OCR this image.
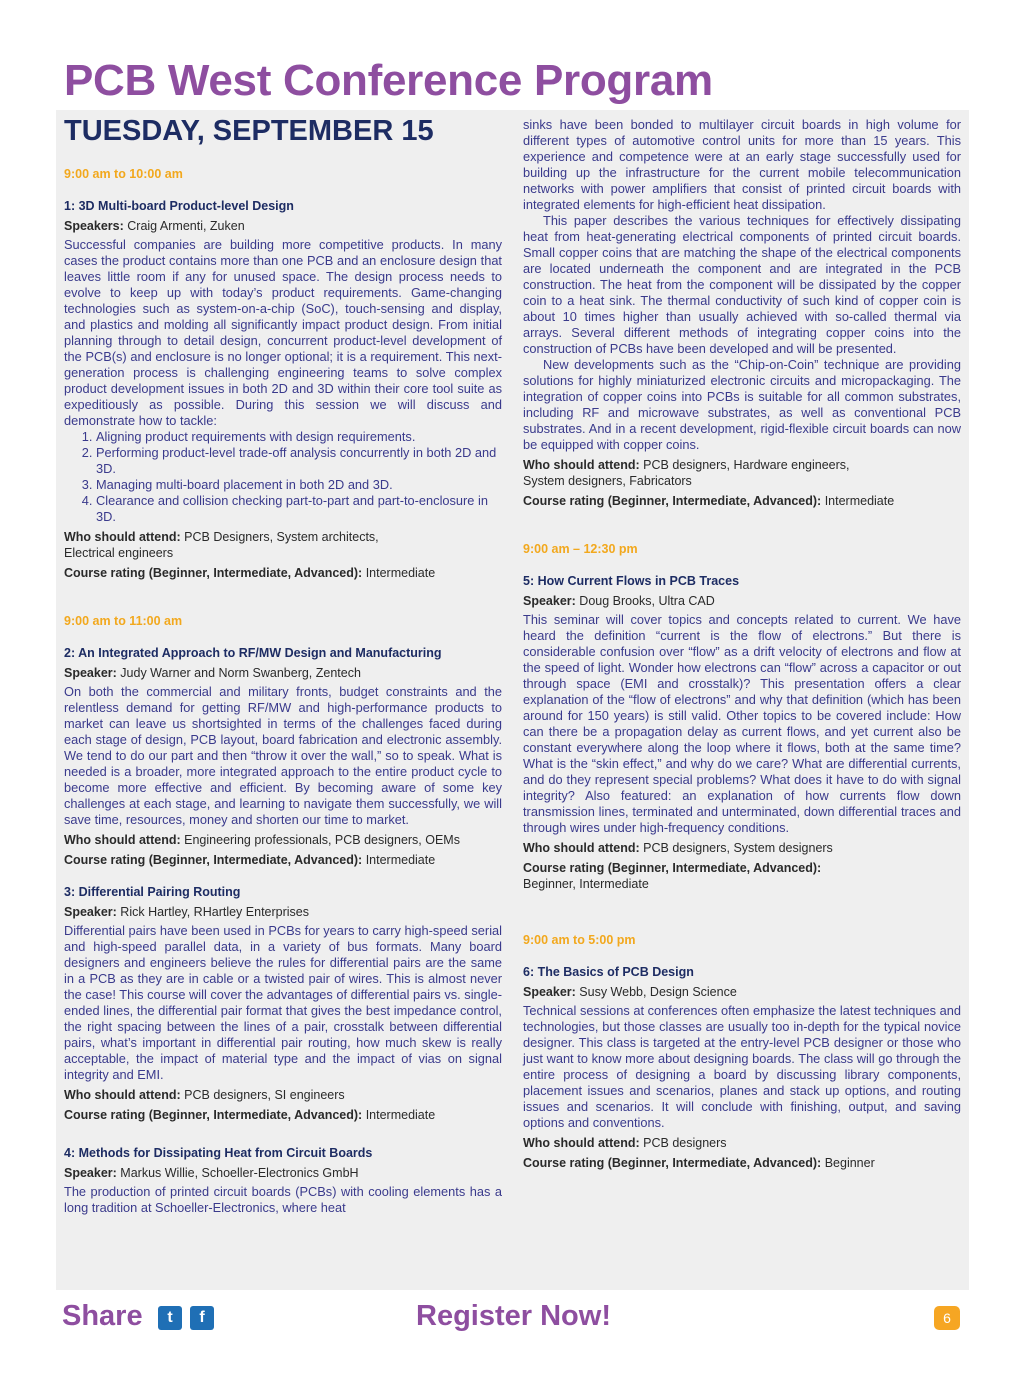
PCB West Conference Program
TUESDAY, SEPTEMBER 15
9:00 am to 10:00 am
1: 3D Multi-board Product-level Design
Speakers: Craig Armenti, Zuken

Successful companies are building more competitive products. In many cases the product contains more than one PCB and an enclosure design that leaves little room if any for unused space. The design process needs to evolve to keep up with today’s product requirements. Game-changing technologies such as system-on-a-chip (SoC), touch-sensing and display, and plastics and molding all significantly impact product design. From initial planning through to detail design, concurrent product-level development of the PCB(s) and enclosure is no longer optional; it is a requirement. This next-generation process is challenging engineering teams to solve complex product development issues in both 2D and 3D within their core tool suite as expeditiously as possible. During this session we will discuss and demonstrate how to tackle:

1. Aligning product requirements with design requirements.
2. Performing product-level trade-off analysis concurrently in both 2D and 3D.
3. Managing multi-board placement in both 2D and 3D.
4. Clearance and collision checking part-to-part and part-to-enclosure in 3D.
Who should attend: PCB Designers, System architects,
Electrical engineers
Course rating (Beginner, Intermediate, Advanced): Intermediate
9:00 am to 11:00 am
2: An Integrated Approach to RF/MW Design and Manufacturing
Speaker: Judy Warner and Norm Swanberg, Zentech

On both the commercial and military fronts, budget constraints and the relentless demand for getting RF/MW and high-performance products to market can leave us shortsighted in terms of the challenges faced during each stage of design, PCB layout, board fabrication and electronic assembly. We tend to do our part and then “throw it over the wall,” so to speak. What is needed is a broader, more integrated approach to the entire product cycle to become more effective and efficient. By becoming aware of some key challenges at each stage, and learning to navigate them successfully, we will save time, resources, money and shorten our time to market.

Who should attend: Engineering professionals, PCB designers, OEMs
Course rating (Beginner, Intermediate, Advanced): Intermediate
3: Differential Pairing Routing
Speaker: Rick Hartley, RHartley Enterprises

Differential pairs have been used in PCBs for years to carry high-speed serial and high-speed parallel data, in a variety of bus formats. Many board designers and engineers believe the rules for differential pairs are the same in a PCB as they are in cable or a twisted pair of wires. This is almost never the case! This course will cover the advantages of differential pairs vs. single-ended lines, the differential pair format that gives the best impedance control, the right spacing between the lines of a pair, crosstalk between differential pairs, what’s important in differential pair routing, how much skew is really acceptable, the impact of material type and the impact of vias on signal integrity and EMI.

Who should attend: PCB designers, SI engineers
Course rating (Beginner, Intermediate, Advanced): Intermediate
4: Methods for Dissipating Heat from Circuit Boards
Speaker: Markus Willie, Schoeller-Electronics GmbH

The production of printed circuit boards (PCBs) with cooling elements has a long tradition at Schoeller-Electronics, where heat

sinks have been bonded to multilayer circuit boards in high volume for different types of automotive control units for more than 15 years. This experience and competence were at an early stage successfully used for building up the infrastructure for the current mobile telecommunication networks with power amplifiers that consist of printed circuit boards with integrated elements for high-efficient heat dissipation.

This paper describes the various techniques for effectively dissipating heat from heat-generating electrical components of printed circuit boards. Small copper coins that are matching the shape of the electrical components are located underneath the component and are integrated in the PCB construction. The heat from the component will be dissipated by the copper coin to a heat sink. The thermal conductivity of such kind of copper coin is about 10 times higher than usually achieved with so-called thermal via arrays. Several different methods of integrating copper coins into the construction of PCBs have been developed and will be presented.

New developments such as the “Chip-on-Coin” technique are providing solutions for highly miniaturized electronic circuits and micropackaging. The integration of copper coins into PCBs is suitable for all common substrates, including RF and microwave substrates, as well as conventional PCB substrates. And in a recent development, rigid-flexible circuit boards can now be equipped with copper coins.

Who should attend: PCB designers, Hardware engineers,
System designers, Fabricators
Course rating (Beginner, Intermediate, Advanced): Intermediate
9:00 am – 12:30 pm
5: How Current Flows in PCB Traces
Speaker: Doug Brooks, Ultra CAD

This seminar will cover topics and concepts related to current. We have heard the definition “current is the flow of electrons.” But there is considerable confusion over “flow” as a drift velocity of electrons and flow at the speed of light. Wonder how electrons can “flow” across a capacitor or out through space (EMI and crosstalk)? This presentation offers a clear explanation of the “flow of electrons” and why that definition (which has been around for 150 years) is still valid. Other topics to be covered include: How can there be a propagation delay as current flows, and yet current also be constant everywhere along the loop where it flows, both at the same time? What is the “skin effect,” and why do we care? What are differential currents, and do they represent special problems? What does it have to do with signal integrity? Also featured: an explanation of how currents flow down transmission lines, terminated and unterminated, down differential traces and through wires under high-frequency conditions.

Who should attend: PCB designers, System designers
Course rating (Beginner, Intermediate, Advanced):
Beginner, Intermediate
9:00 am to 5:00 pm
6: The Basics of PCB Design
Speaker: Susy Webb, Design Science

Technical sessions at conferences often emphasize the latest techniques and technologies, but those classes are usually too in-depth for the typical novice designer. This class is targeted at the entry-level PCB designer or those who just want to know more about designing boards. The class will go through the entire process of designing a board by discussing library components, placement issues and scenarios, planes and stack up options, and routing issues and scenarios. It will conclude with finishing, output, and saving options and conventions.

Who should attend: PCB designers
Course rating (Beginner, Intermediate, Advanced): Beginner
Share	t	f	Register Now!	6
